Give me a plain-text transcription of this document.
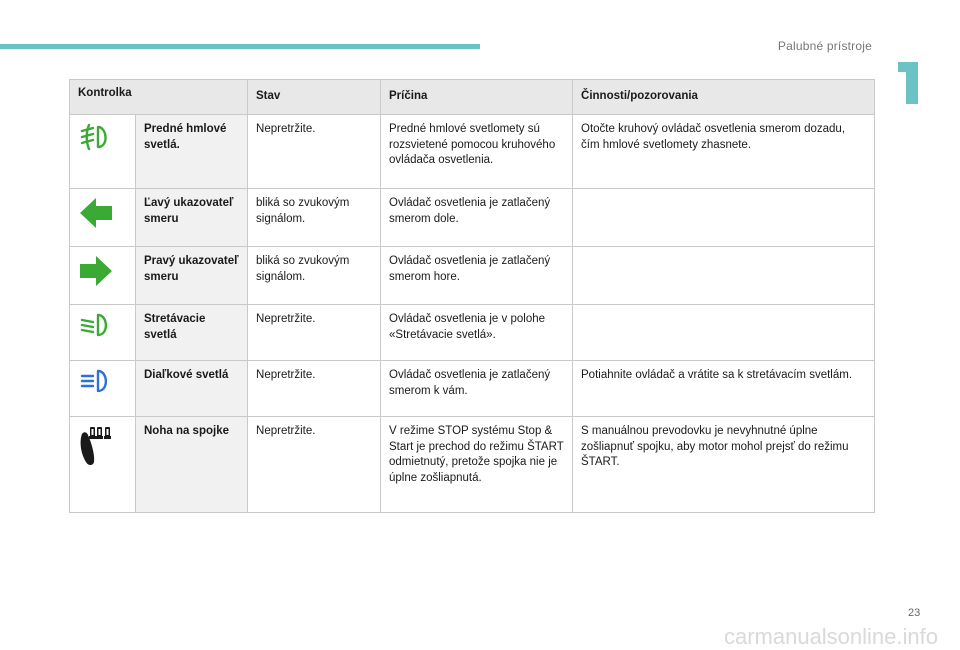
Palubné prístroje
Kontrolka		Stav	Príčina	Činnosti/pozorovania
	Predné hmlové svetlá.	Nepretržite.	Predné hmlové svetlomety sú rozsvietené pomocou kruhového ovládača osvetlenia.	Otočte kruhový ovládač osvetlenia smerom dozadu, čím hmlové svetlomety zhasnete.
	Ľavý ukazovateľ smeru	bliká so zvukovým signálom.	Ovládač osvetlenia je zatlačený smerom dole.	
	Pravý ukazovateľ smeru	bliká so zvukovým signálom.	Ovládač osvetlenia je zatlačený smerom hore.	
	Stretávacie svetlá	Nepretržite.	Ovládač osvetlenia je v polohe «Stretávacie svetlá».	
	Diaľkové svetlá	Nepretržite.	Ovládač osvetlenia je zatlačený smerom k vám.	Potiahnite ovládač a vrátite sa k stretávacím svetlám.
	Noha na spojke	Nepretržite.	V režime STOP systému Stop & Start je prechod do režimu ŠTART odmietnutý, pretože spojka nie je úplne zošliapnutá.	S manuálnou prevodovku je nevyhnutné úplne zošliapnuť spojku, aby motor mohol prejsť do režimu ŠTART.
23
carmanualsonline.info
